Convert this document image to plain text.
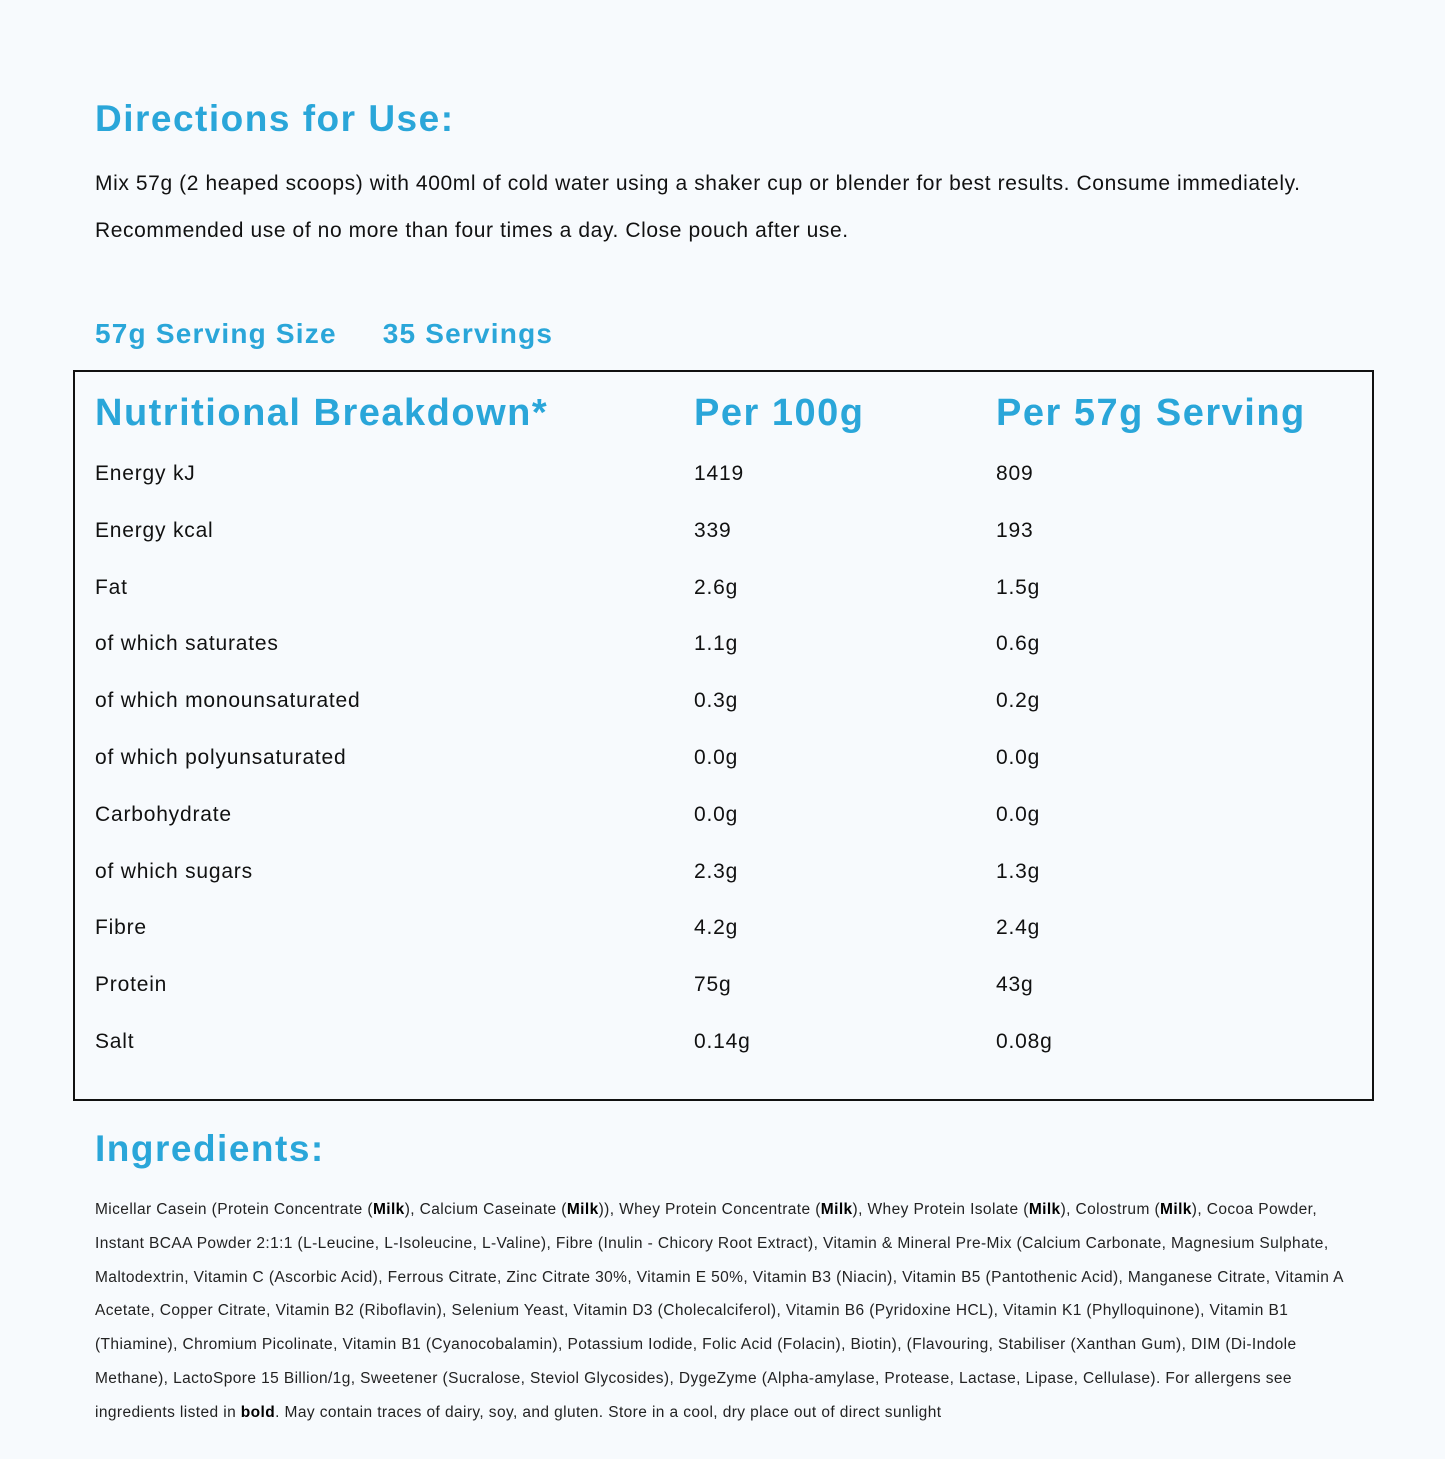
Directions for Use:

Mix 57g (2 heaped scoops) with 400ml of cold water using a shaker cup or blender for best results. Consume immediately. Recommended use of no more than four times a day. Close pouch after use.

57g Serving Size 35 Servings
Nutritional Breakdown*	Per 100g	Per 57g Serving
Energy kJ	1419	809
Energy kcal	339	193
Fat	2.6g	1.5g
of which saturates	1.1g	0.6g
of which monounsaturated	0.3g	0.2g
of which polyunsaturated	0.0g	0.0g
Carbohydrate	0.0g	0.0g
of which sugars	2.3g	1.3g
Fibre	4.2g	2.4g
Protein	75g	43g
Salt	0.14g	0.08g
Ingredients:

Micellar Casein (Protein Concentrate (Milk), Calcium Caseinate (Milk)), Whey Protein Concentrate (Milk), Whey Protein Isolate (Milk), Colostrum (Milk), Cocoa Powder, Instant BCAA Powder 2:1:1 (L-Leucine, L-Isoleucine, L-Valine), Fibre (Inulin - Chicory Root Extract), Vitamin & Mineral Pre-Mix (Calcium Carbonate, Magnesium Sulphate, Maltodextrin, Vitamin C (Ascorbic Acid), Ferrous Citrate, Zinc Citrate 30%, Vitamin E 50%, Vitamin B3 (Niacin), Vitamin B5 (Pantothenic Acid), Manganese Citrate, Vitamin A Acetate, Copper Citrate, Vitamin B2 (Riboflavin), Selenium Yeast, Vitamin D3 (Cholecalciferol), Vitamin B6 (Pyridoxine HCL), Vitamin K1 (Phylloquinone), Vitamin B1 (Thiamine), Chromium Picolinate, Vitamin B1 (Cyanocobalamin), Potassium Iodide, Folic Acid (Folacin), Biotin), (Flavouring, Stabiliser (Xanthan Gum), DIM (Di-Indole Methane), LactoSpore 15 Billion/1g, Sweetener (Sucralose, Steviol Glycosides), DygeZyme (Alpha-amylase, Protease, Lactase, Lipase, Cellulase). For allergens see ingredients listed in bold. May contain traces of dairy, soy, and gluten. Store in a cool, dry place out of direct sunlight
